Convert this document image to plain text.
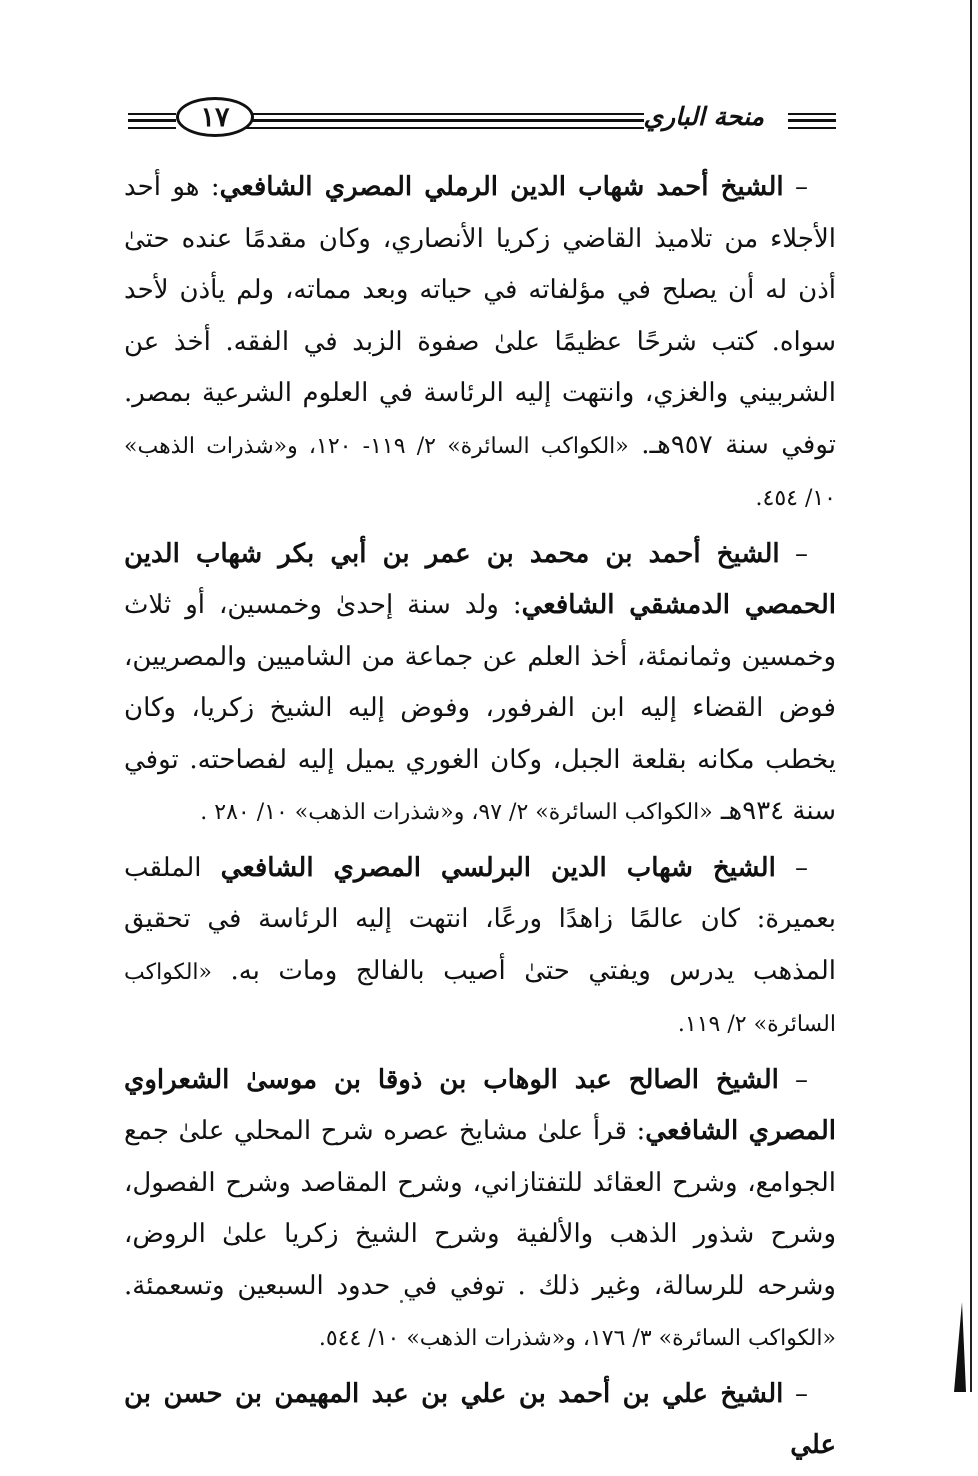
١٧	منحة الباري

– الشيخ أحمد شهاب الدين الرملي المصري الشافعي: هو أحد الأجلاء من تلاميذ القاضي زكريا الأنصاري، وكان مقدمًا عنده حتىٰ أذن له أن يصلح في مؤلفاته في حياته وبعد مماته، ولم يأذن لأحد سواه. كتب شرحًا عظيمًا علىٰ صفوة الزبد في الفقه. أخذ عن الشربيني والغزي، وانتهت إليه الرئاسة في العلوم الشرعية بمصر. توفي سنة ٩٥٧هـ. «الكواكب السائرة» ٢/ ١١٩- ١٢٠، و«شذرات الذهب» ١٠/ ٤٥٤.

– الشيخ أحمد بن محمد بن عمر بن أبي بكر شهاب الدين الحمصي الدمشقي الشافعي: ولد سنة إحدىٰ وخمسين، أو ثلاث وخمسين وثمانمئة، أخذ العلم عن جماعة من الشاميين والمصريين، فوض القضاء إليه ابن الفرفور، وفوض إليه الشيخ زكريا، وكان يخطب مكانه بقلعة الجبل، وكان الغوري يميل إليه لفصاحته. توفي سنة ٩٣٤هـ «الكواكب السائرة» ٢/ ٩٧، و«شذرات الذهب» ١٠/ ٢٨٠ .

– الشيخ شهاب الدين البرلسي المصري الشافعي الملقب بعميرة: كان عالمًا زاهدًا ورعًا، انتهت إليه الرئاسة في تحقيق المذهب يدرس ويفتي حتىٰ أصيب بالفالج ومات به. «الكواكب السائرة» ٢/ ١١٩.

– الشيخ الصالح عبد الوهاب بن ذوقا بن موسىٰ الشعراوي المصري الشافعي: قرأ علىٰ مشايخ عصره شرح المحلي علىٰ جمع الجوامع، وشرح العقائد للتفتازاني، وشرح المقاصد وشرح الفصول، وشرح شذور الذهب والألفية وشرح الشيخ زكريا علىٰ الروض، وشرحه للرسالة، وغير ذلك . توفي في حدود السبعين وتسعمئة. «الكواكب السائرة» ٣/ ١٧٦، و«شذرات الذهب» ١٠/ ٥٤٤.

– الشيخ علي بن أحمد بن علي بن عبد المهيمن بن حسن بن علي
